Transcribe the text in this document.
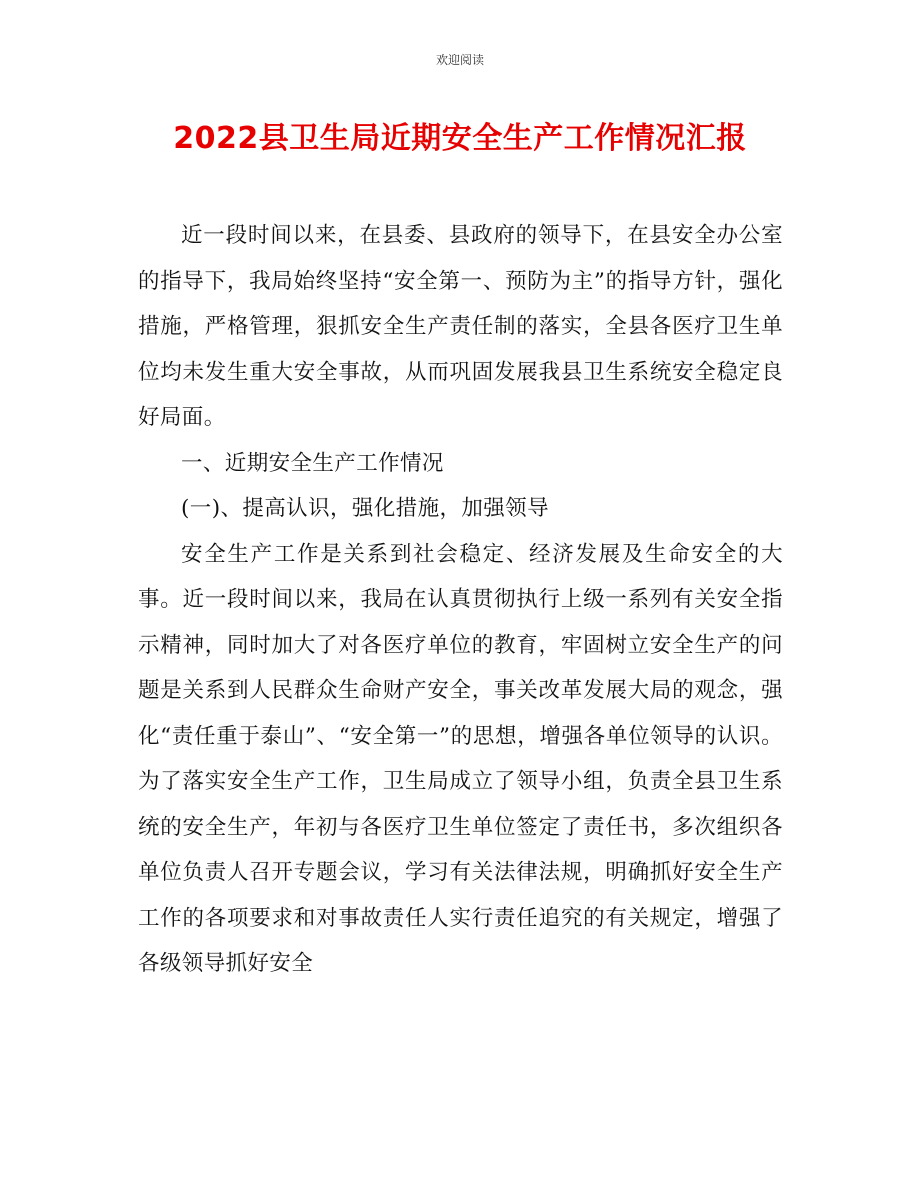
欢迎阅读
2022县卫生局近期安全生产工作情况汇报

近一段时间以来，在县委、县政府的领导下，在县安全办公室的指导下，我局始终坚持“安全第一、预防为主”的指导方针，强化措施，严格管理，狠抓安全生产责任制的落实，全县各医疗卫生单位均未发生重大安全事故，从而巩固发展我县卫生系统安全稳定良好局面。

一、近期安全生产工作情况

(一)、提高认识，强化措施，加强领导

安全生产工作是关系到社会稳定、经济发展及生命安全的大事。近一段时间以来，我局在认真贯彻执行上级一系列有关安全指示精神，同时加大了对各医疗单位的教育，牢固树立安全生产的问题是关系到人民群众生命财产安全，事关改革发展大局的观念，强化“责任重于泰山”、“安全第一”的思想，增强各单位领导的认识。为了落实安全生产工作，卫生局成立了领导小组，负责全县卫生系统的安全生产，年初与各医疗卫生单位签定了责任书，多次组织各单位负责人召开专题会议，学习有关法律法规，明确抓好安全生产工作的各项要求和对事故责任人实行责任追究的有关规定，增强了各级领导抓好安全
